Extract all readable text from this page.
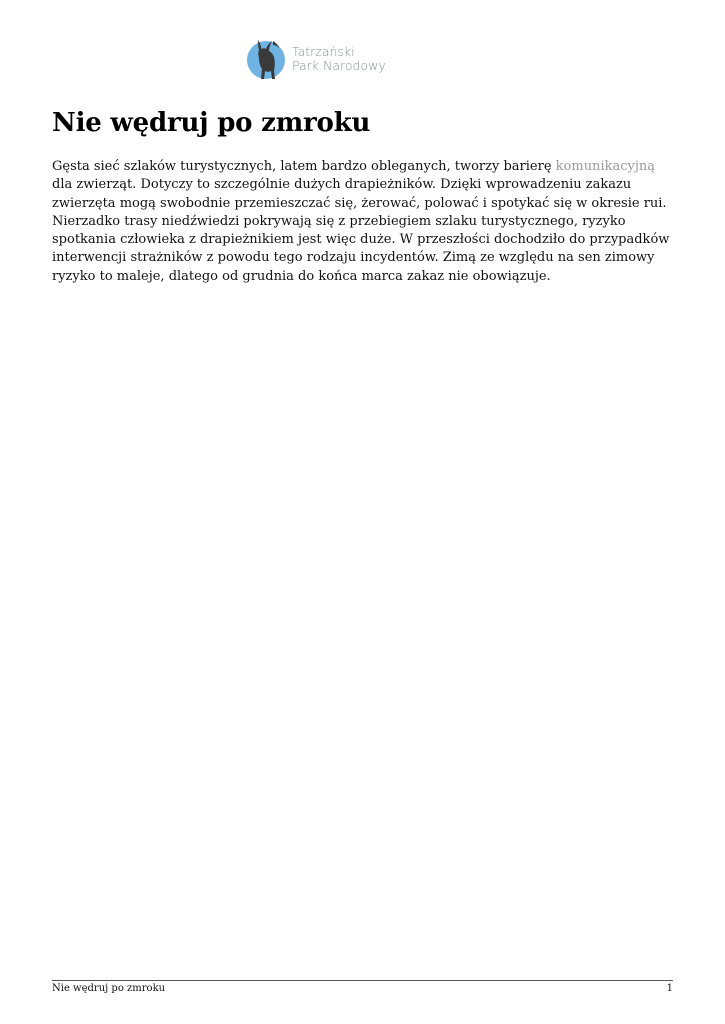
Tatrzański
Park Narodowy
Nie wędruj po zmroku

Gęsta sieć szlaków turystycznych, latem bardzo obleganych, tworzy barierę komunikacyjną dla zwierząt. Dotyczy to szczególnie dużych drapieżników. Dzięki wprowadzeniu zakazu zwierzęta mogą swobodnie przemieszczać się, żerować, polować i spotykać się w okresie rui. Nierzadko trasy niedźwiedzi pokrywają się z przebiegiem szlaku turystycznego, ryzyko spotkania człowieka z drapieżnikiem jest więc duże. W przeszłości dochodziło do przypadków interwencji strażników z powodu tego rodzaju incydentów. Zimą ze względu na sen zimowy ryzyko to maleje, dlatego od grudnia do końca marca zakaz nie obowiązuje.

Nie wędruj po zmroku	1
